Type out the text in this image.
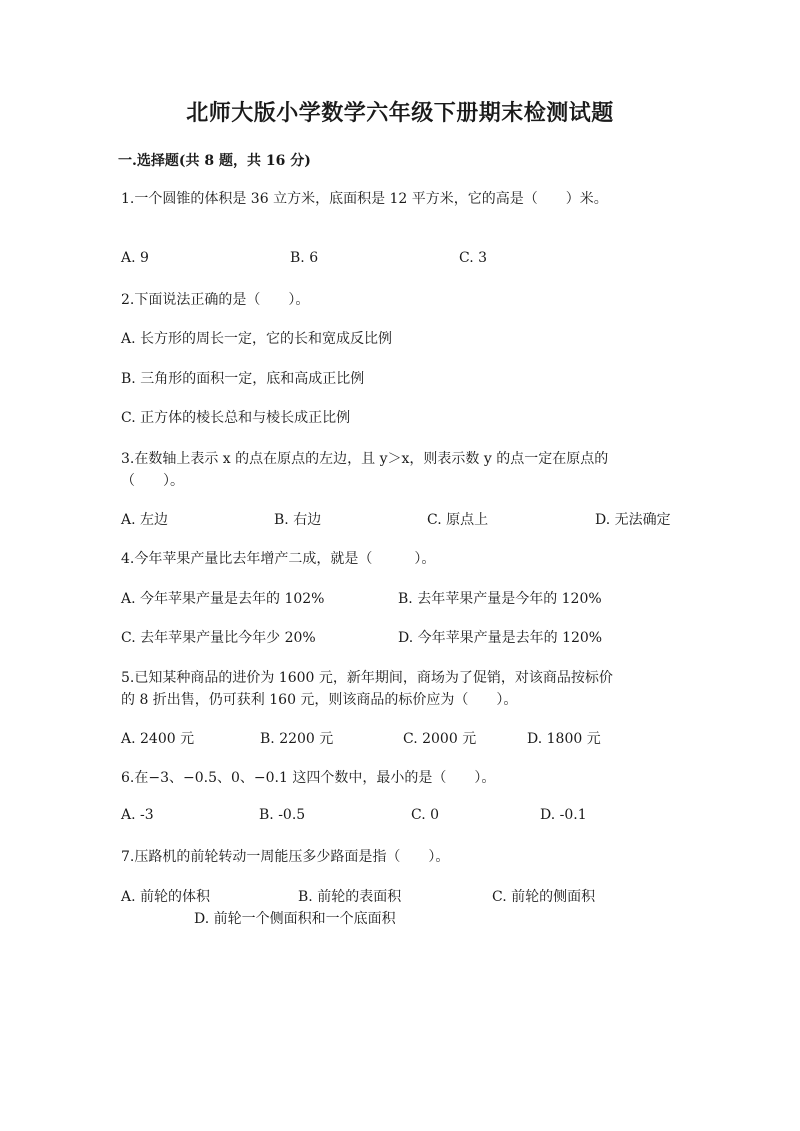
北师大版小学数学六年级下册期末检测试题
一.选择题(共 8 题，共 16 分)
1.一个圆锥的体积是 36 立方米，底面积是 12 平方米，它的高是（　　）米。
A. 9	B. 6	C. 3
2.下面说法正确的是（　　）。
A. 长方形的周长一定，它的长和宽成反比例
B. 三角形的面积一定，底和高成正比例
C. 正方体的棱长总和与棱长成正比例
3.在数轴上表示 x 的点在原点的左边，且 y＞x，则表示数 y 的点一定在原点的
（　　）。
A. 左边	B. 右边	C. 原点上	D. 无法确定
4.今年苹果产量比去年增产二成，就是（　　　）。
A. 今年苹果产量是去年的 102%	B. 去年苹果产量是今年的 120%
C. 去年苹果产量比今年少 20%	D. 今年苹果产量是去年的 120%
5.已知某种商品的进价为 1600 元，新年期间，商场为了促销，对该商品按标价
的 8 折出售，仍可获利 160 元，则该商品的标价应为（　　）。
A. 2400 元	B. 2200 元	C. 2000 元	D. 1800 元
6.在−3、−0.5、0、−0.1 这四个数中，最小的是（　　）。
A. -3	B. -0.5	C. 0	D. -0.1
7.压路机的前轮转动一周能压多少路面是指（　　）。
A. 前轮的体积	B. 前轮的表面积	C. 前轮的侧面积
D. 前轮一个侧面积和一个底面积
